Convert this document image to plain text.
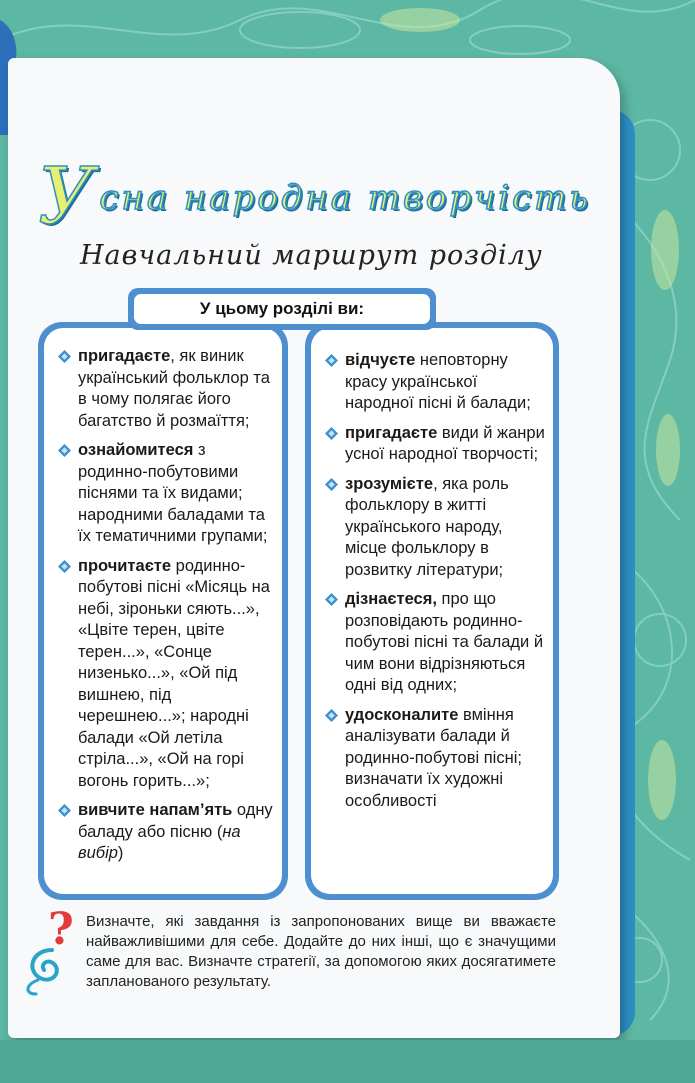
Усна народна творчість
Навчальний маршрут розділу
пригадаєте, як виник український фольклор та в чому полягає його багатство й розмаїття;
ознайомитеся з родинно-побутовими піснями та їх видами; народними баладами та їх тематичними групами;
прочитаєте родинно-побутові пісні «Місяць на небі, зіроньки сяють...», «Цвіте терен, цвіте терен...», «Сонце низенько...», «Ой під вишнею, під черешнею...»; народні балади «Ой летіла стріла...», «Ой на горі вогонь горить...»;
вивчите напам’ять одну баладу або пісню (на вибір)
відчуєте неповторну красу української народної пісні й балади;
пригадаєте види й жанри усної народної творчості;
зрозумієте, яка роль фольклору в житті українського народу, місце фольклору в розвитку літератури;
дізнаєтеся, про що розповідають родинно-побутові пісні та балади й чим вони відрізняються одні від одних;
удосконалите вміння аналізувати балади й родинно-побутові пісні; визначати їх художні особливості
У цьому розділі ви:
? Визначте, які завдання із запропонованих вище ви вважаєте найважливішими для себе. Додайте до них інші, що є значущими саме для вас. Визначте стратегії, за допомогою яких досягатимете запланованого результату.
